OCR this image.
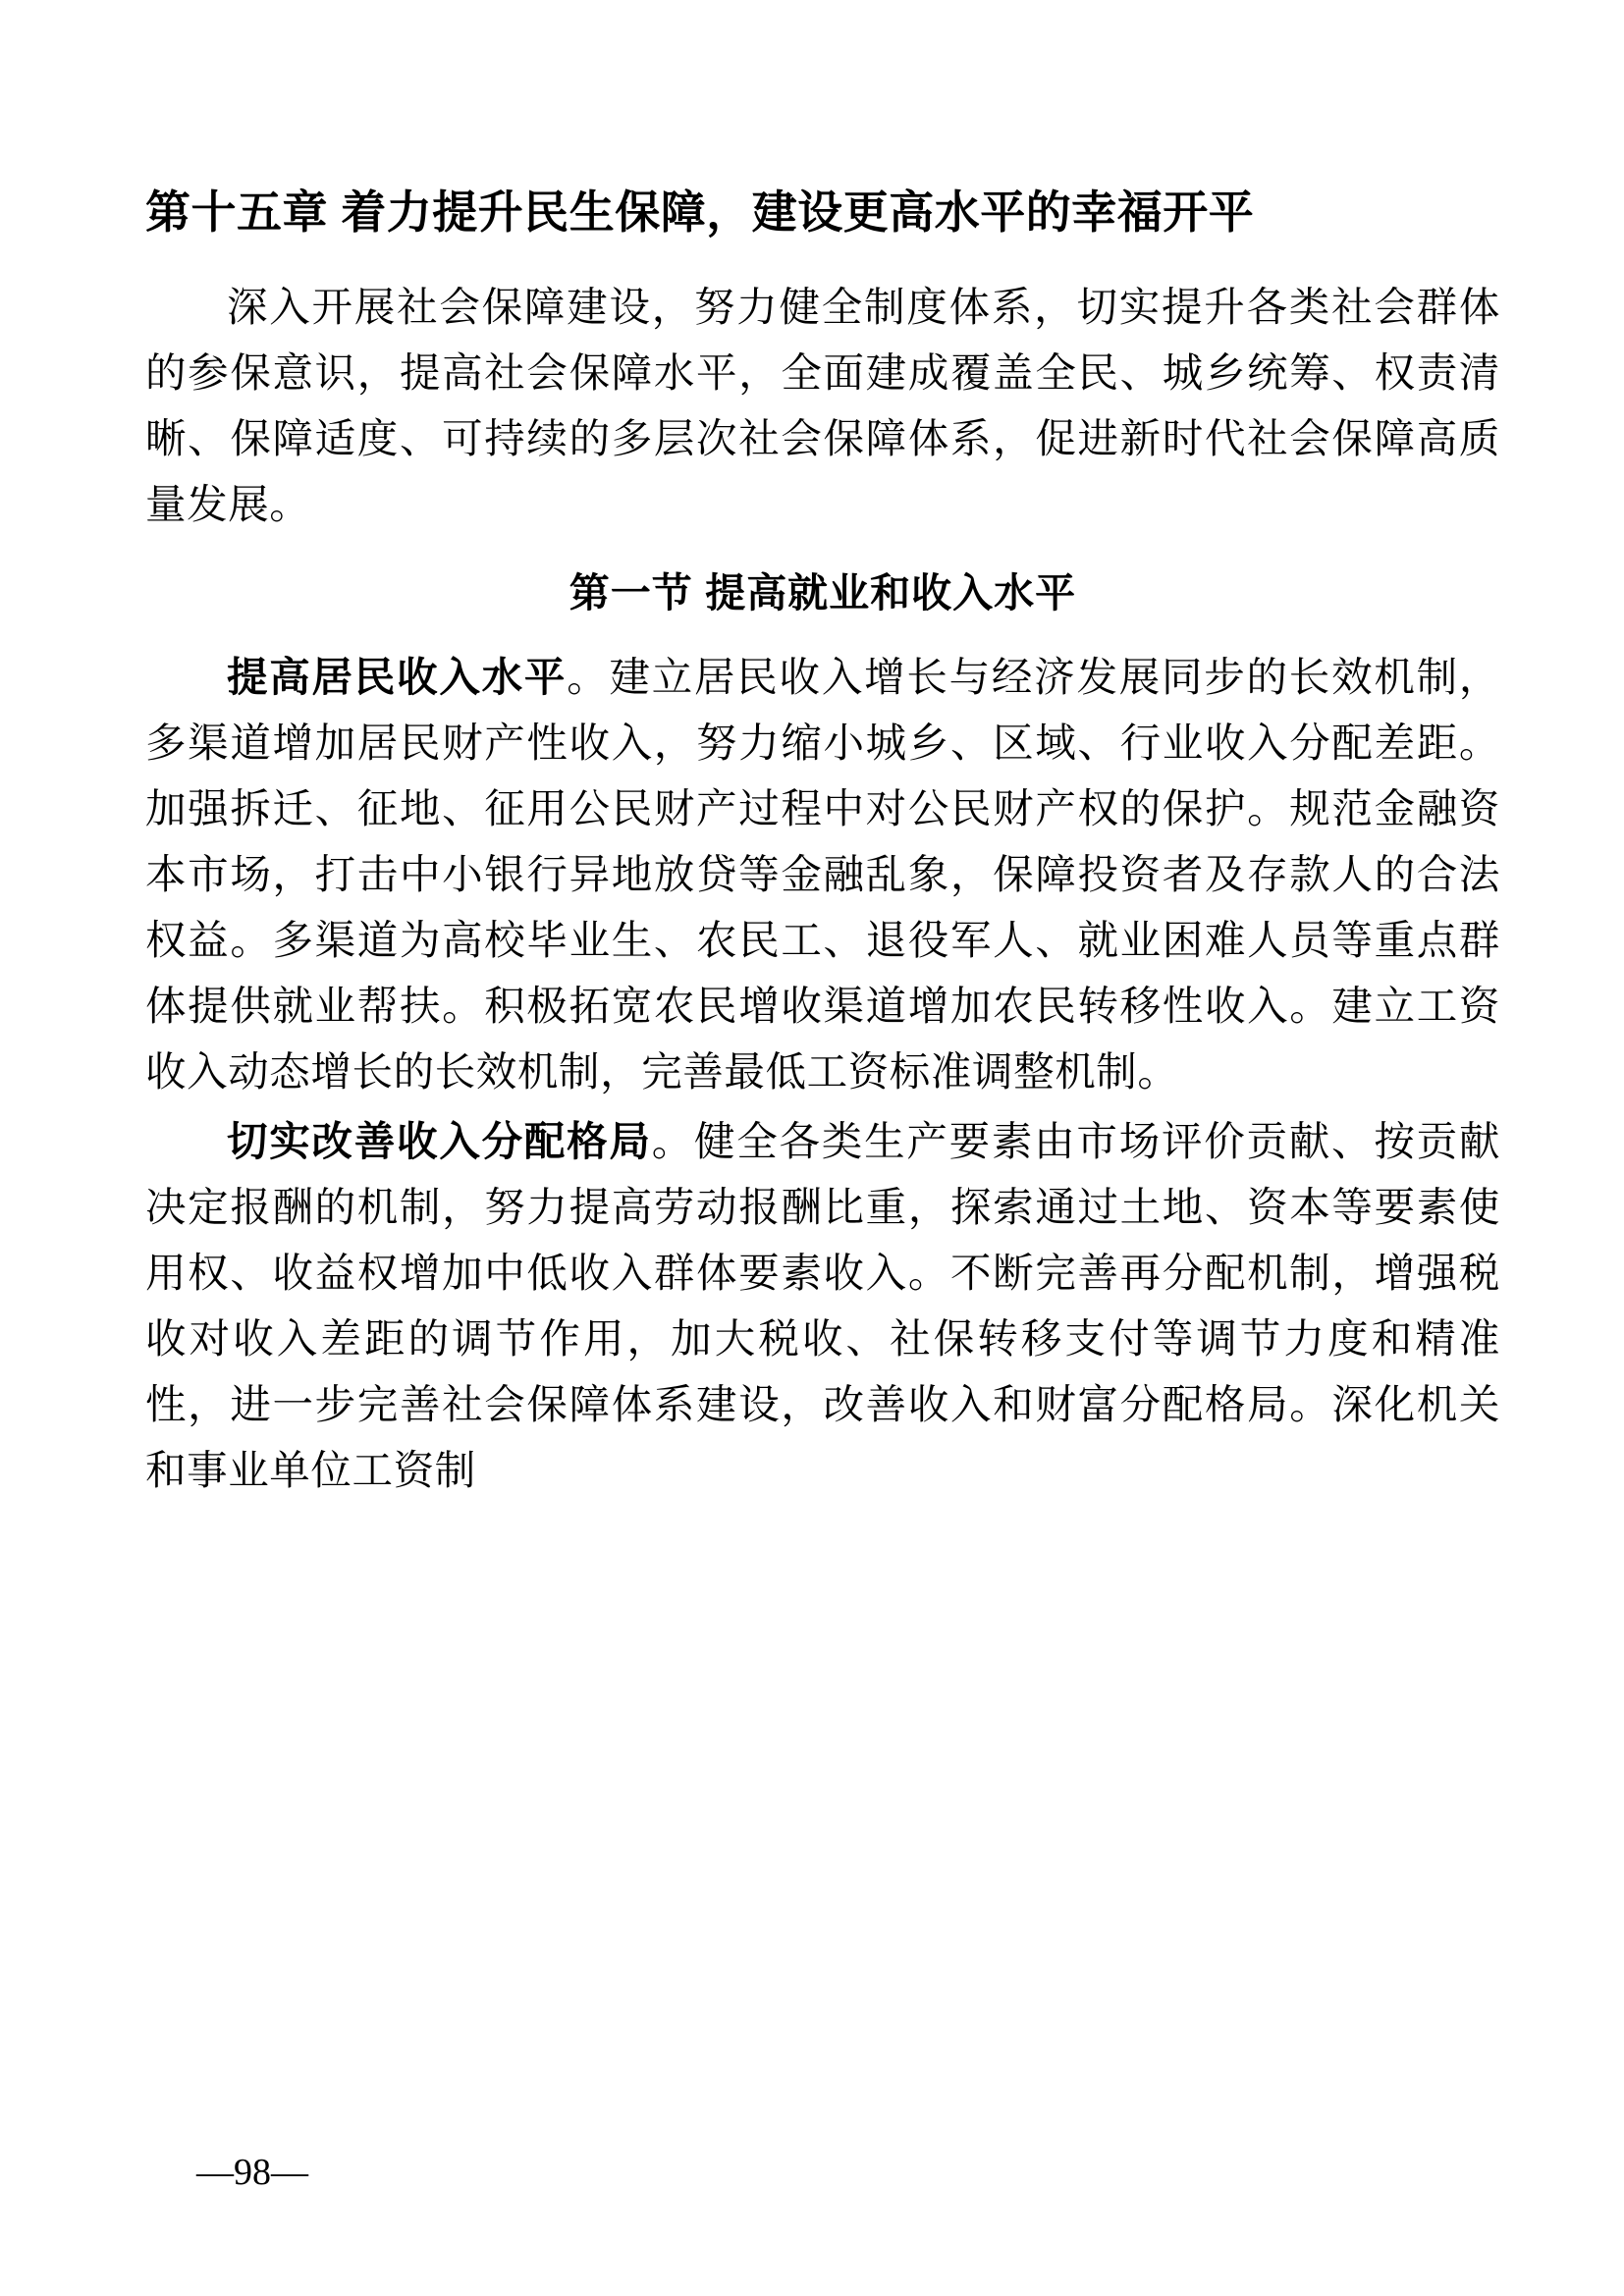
第十五章 着力提升民生保障，建设更高水平的幸福开平

深入开展社会保障建设，努力健全制度体系，切实提升各类社会群体的参保意识，提高社会保障水平，全面建成覆盖全民、城乡统筹、权责清晰、保障适度、可持续的多层次社会保障体系，促进新时代社会保障高质量发展。

第一节 提高就业和收入水平

提高居民收入水平。建立居民收入增长与经济发展同步的长效机制，多渠道增加居民财产性收入，努力缩小城乡、区域、行业收入分配差距。加强拆迁、征地、征用公民财产过程中对公民财产权的保护。规范金融资本市场，打击中小银行异地放贷等金融乱象，保障投资者及存款人的合法权益。多渠道为高校毕业生、农民工、退役军人、就业困难人员等重点群体提供就业帮扶。积极拓宽农民增收渠道增加农民转移性收入。建立工资收入动态增长的长效机制，完善最低工资标准调整机制。

切实改善收入分配格局。健全各类生产要素由市场评价贡献、按贡献决定报酬的机制，努力提高劳动报酬比重，探索通过土地、资本等要素使用权、收益权增加中低收入群体要素收入。不断完善再分配机制，增强税收对收入差距的调节作用，加大税收、社保转移支付等调节力度和精准性，进一步完善社会保障体系建设，改善收入和财富分配格局。深化机关和事业单位工资制

—98—
